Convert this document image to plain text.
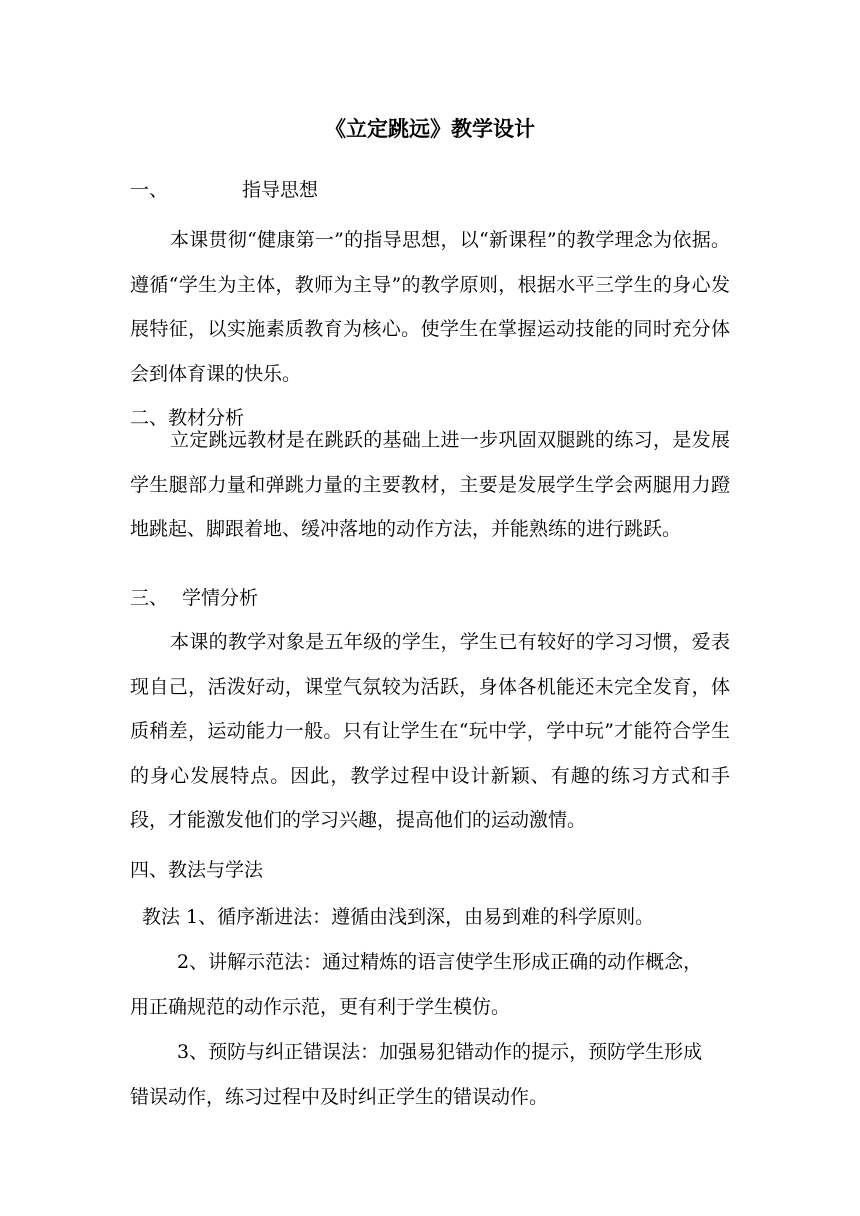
《立定跳远》教学设计
一、	指导思想

本课贯彻“健康第一”的指导思想，以“新课程”的教学理念为依据。遵循“学生为主体，教师为主导”的教学原则，根据水平三学生的身心发展特征，以实施素质教育为核心。使学生在掌握运动技能的同时充分体会到体育课的快乐。

二、教材分析

立定跳远教材是在跳跃的基础上进一步巩固双腿跳的练习，是发展学生腿部力量和弹跳力量的主要教材，主要是发展学生学会两腿用力蹬地跳起、脚跟着地、缓冲落地的动作方法，并能熟练的进行跳跃。

三、 学情分析

本课的教学对象是五年级的学生，学生已有较好的学习习惯，爱表现自己，活泼好动，课堂气氛较为活跃，身体各机能还未完全发育，体质稍差，运动能力一般。只有让学生在“玩中学，学中玩”才能符合学生的身心发展特点。因此，教学过程中设计新颖、有趣的练习方式和手段，才能激发他们的学习兴趣，提高他们的运动激情。

四、教法与学法
教法 1、循序渐进法：遵循由浅到深，由易到难的科学原则。
2、讲解示范法：通过精炼的语言使学生形成正确的动作概念，
用正确规范的动作示范，更有利于学生模仿。
3、预防与纠正错误法：加强易犯错动作的提示，预防学生形成
错误动作，练习过程中及时纠正学生的错误动作。
